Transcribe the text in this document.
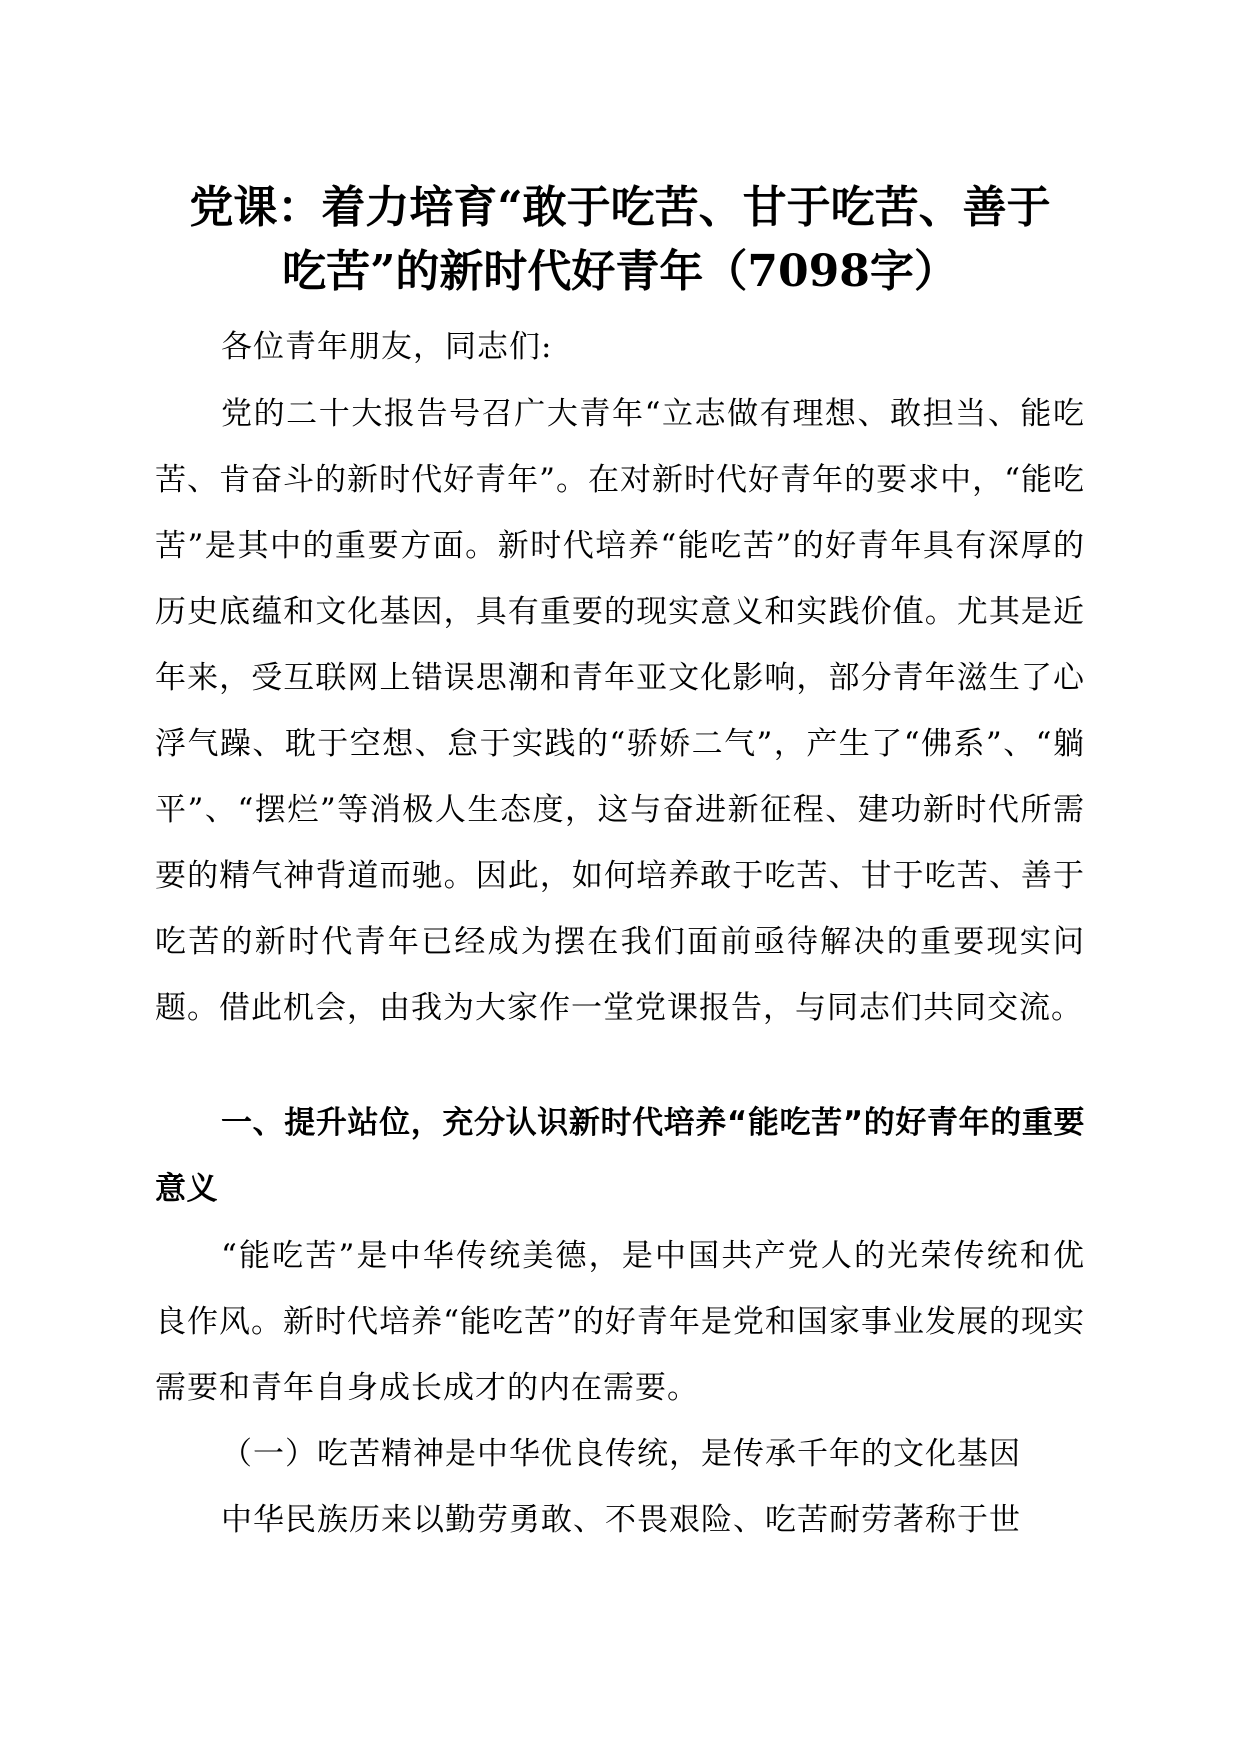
党课：着力培育“敢于吃苦、甘于吃苦、善于
吃苦”的新时代好青年（7098字）

各位青年朋友，同志们:

党的二十大报告号召广大青年“立志做有理想、敢担当、能吃苦、肯奋斗的新时代好青年”。在对新时代好青年的要求中，“能吃苦”是其中的重要方面。新时代培养“能吃苦”的好青年具有深厚的历史底蕴和文化基因，具有重要的现实意义和实践价值。尤其是近年来，受互联网上错误思潮和青年亚文化影响，部分青年滋生了心浮气躁、耽于空想、怠于实践的“骄娇二气”，产生了“佛系”、“躺平”、“摆烂”等消极人生态度，这与奋进新征程、建功新时代所需要的精气神背道而驰。因此，如何培养敢于吃苦、甘于吃苦、善于吃苦的新时代青年已经成为摆在我们面前亟待解决的重要现实问题。借此机会，由我为大家作一堂党课报告，与同志们共同交流。

一、提升站位，充分认识新时代培养“能吃苦”的好青年的重要意义

“能吃苦”是中华传统美德，是中国共产党人的光荣传统和优良作风。新时代培养“能吃苦”的好青年是党和国家事业发展的现实需要和青年自身成长成才的内在需要。

（一）吃苦精神是中华优良传统，是传承千年的文化基因

中华民族历来以勤劳勇敢、不畏艰险、吃苦耐劳著称于世
